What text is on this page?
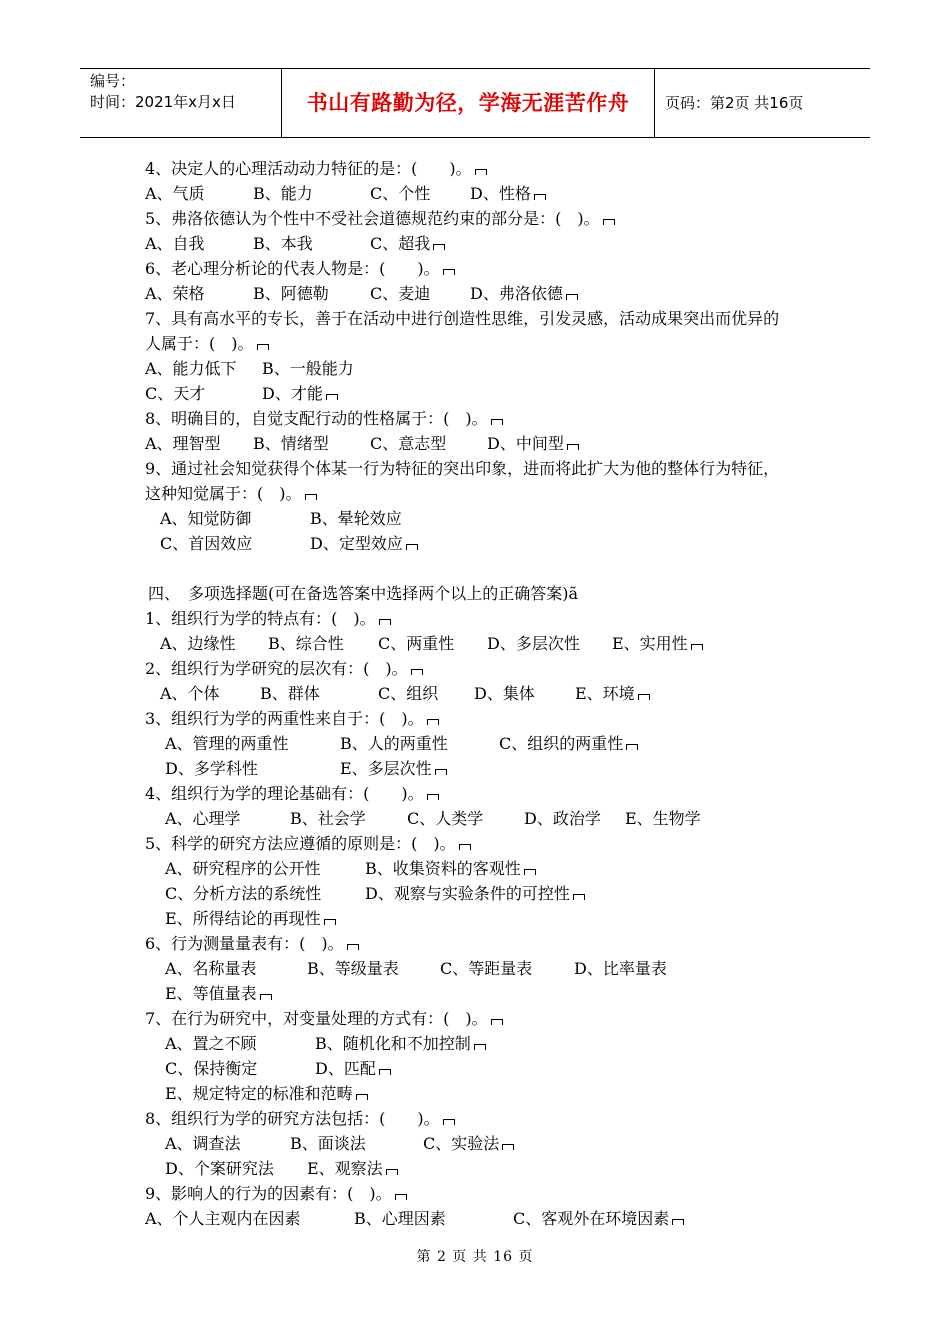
编号：
时间：2021年x月x日	书山有路勤为径，学海无涯苦作舟	页码：第2页 共16页
4、决定人的心理活动动力特征的是：(　　)。
A、气质	B、能力	C、个性 D、性格
5、弗洛依德认为个性中不受社会道德规范约束的部分是：(　)。
A、自我	B、本我	C、超我
6、老心理分析论的代表人物是：(　　)。
A、荣格	B、阿德勒	C、麦迪 D、弗洛依德
7、具有高水平的专长，善于在活动中进行创造性思维，引发灵感，活动成果突出而优异的
人属于：(　)。
A、能力低下 B、一般能力
C、天才	D、才能
8、明确目的，自觉支配行动的性格属于：(　)。
A、理智型 B、情绪型	C、意志型	D、中间型
9、通过社会知觉获得个体某一行为特征的突出印象，进而将此扩大为他的整体行为特征，
这种知觉属于：(　)。
A、知觉防御	B、晕轮效应
C、首因效应	D、定型效应
四、　多项选择题(可在备选答案中选择两个以上的正确答案)ã
1、组织行为学的特点有：(　)。
A、边缘性 B、综合性 C、两重性 D、多层次性 E、实用性
2、组织行为学研究的层次有：(　)。
A、个体	B、群体	C、组织 D、集体	E、环境
3、组织行为学的两重性来自于：(　)。
A、管理的两重性	B、人的两重性	C、组织的两重性
D、多学科性	E、多层次性
4、组织行为学的理论基础有：(　　)。
A、心理学	B、社会学	C、人类学	D、政治学 E、生物学
5、科学的研究方法应遵循的原则是：(　)。
A、研究程序的公开性	B、收集资料的客观性
C、分析方法的系统性	D、观察与实验条件的可控性
E、所得结论的再现性
6、行为测量量表有：(　)。
A、名称量表	B、等级量表	C、等距量表	D、比率量表
E、等值量表
7、在行为研究中，对变量处理的方式有：(　)。
A、置之不顾	B、随机化和不加控制
C、保持衡定	D、匹配
E、规定特定的标准和范畴
8、组织行为学的研究方法包括：(　　)。
A、调查法	B、面谈法	C、实验法
D、个案研究法 E、观察法
9、影响人的行为的因素有：(　)。
A、个人主观内在因素	B、心理因素	C、客观外在环境因素
第 2 页 共 16 页
